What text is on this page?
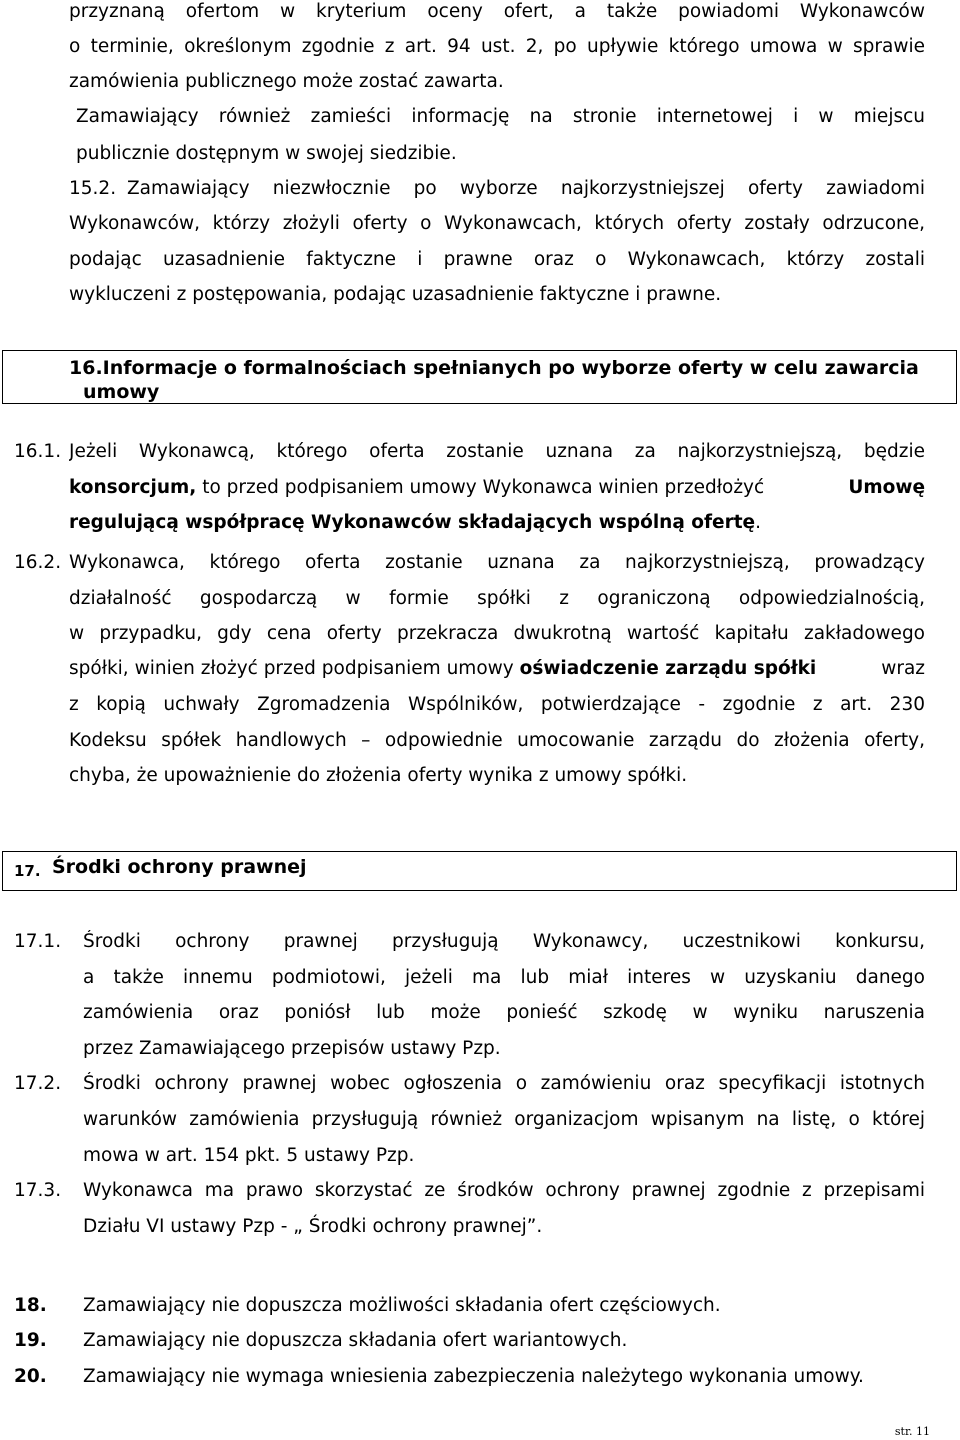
przyznaną ofertom w kryterium oceny ofert, a także powiadomi Wykonawców
o terminie, określonym zgodnie z art. 94 ust. 2, po upływie którego umowa w sprawie
zamówienia publicznego może zostać zawarta.
Zamawiający również zamieści informację na stronie internetowej i w miejscu
publicznie dostępnym w swojej siedzibie.
15.2. Zamawiający niezwłocznie po wyborze najkorzystniejszej oferty zawiadomi
Wykonawców, którzy złożyli oferty o Wykonawcach, których oferty zostały odrzucone,
podając uzasadnienie faktyczne i prawne oraz o Wykonawcach, którzy zostali
wykluczeni z postępowania, podając uzasadnienie faktyczne i prawne.
16.Informacje o formalnościach spełnianych po wyborze oferty w celu zawarcia
umowy
16.1. Jeżeli Wykonawcą, którego oferta zostanie uznana za najkorzystniejszą, będzie
konsorcjum, to przed podpisaniem umowy Wykonawca winien przedłożyć	Umowę
regulującą współpracę Wykonawców składających wspólną ofertę.
16.2. Wykonawca, którego oferta zostanie uznana za najkorzystniejszą, prowadzący
działalność gospodarczą w formie spółki z ograniczoną odpowiedzialnością,
w przypadku, gdy cena oferty przekracza dwukrotną wartość kapitału zakładowego
spółki, winien złożyć przed podpisaniem umowy oświadczenie zarządu spółki	wraz
z kopią uchwały Zgromadzenia Wspólników, potwierdzające - zgodnie z art. 230
Kodeksu spółek handlowych – odpowiednie umocowanie zarządu do złożenia oferty,
chyba, że upoważnienie do złożenia oferty wynika z umowy spółki.
17. Środki ochrony prawnej
17.1. Środki ochrony prawnej przysługują Wykonawcy, uczestnikowi konkursu,
a także innemu podmiotowi, jeżeli ma lub miał interes w uzyskaniu danego
zamówienia oraz poniósł lub może ponieść szkodę w wyniku naruszenia
przez Zamawiającego przepisów ustawy Pzp.
17.2. Środki ochrony prawnej wobec ogłoszenia o zamówieniu oraz specyfikacji istotnych
warunków zamówienia przysługują również organizacjom wpisanym na listę, o której
mowa w art. 154 pkt. 5 ustawy Pzp.
17.3. Wykonawca ma prawo skorzystać ze środków ochrony prawnej zgodnie z przepisami
Działu VI ustawy Pzp - „ Środki ochrony prawnej”.
18. Zamawiający nie dopuszcza możliwości składania ofert częściowych.
19. Zamawiający nie dopuszcza składania ofert wariantowych.
20. Zamawiający nie wymaga wniesienia zabezpieczenia należytego wykonania umowy.
str. 11
